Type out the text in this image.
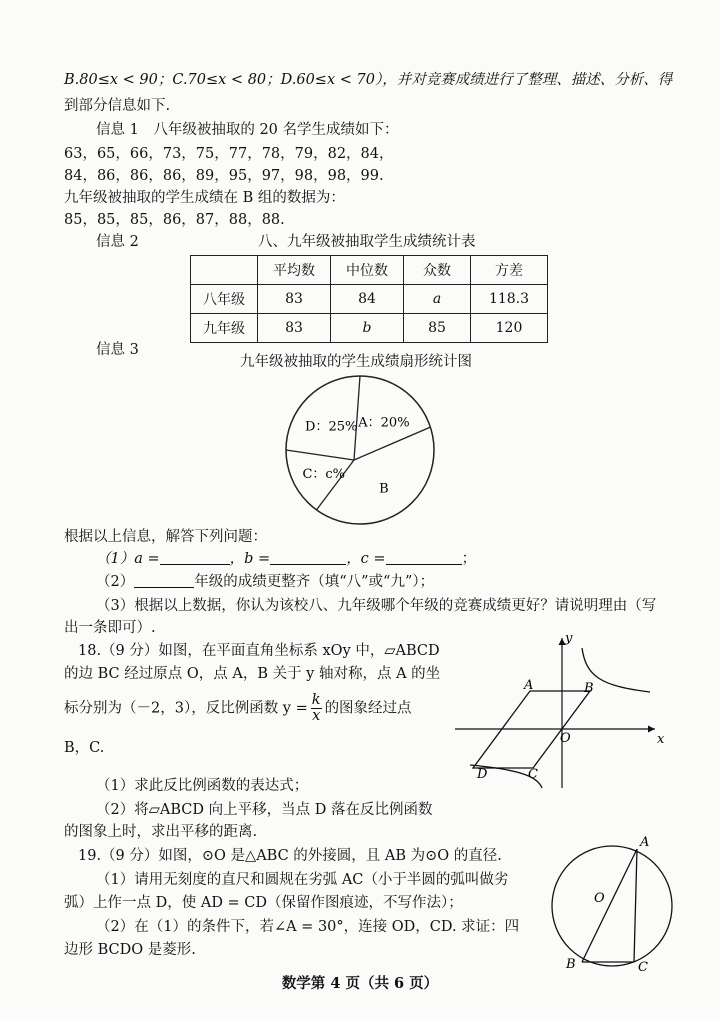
B.80≤x < 90；C.70≤x < 80；D.60≤x < 70），并对竞赛成绩进行了整理、描述、分析、得
到部分信息如下.
信息 1　八年级被抽取的 20 名学生成绩如下：
63，65，66，73，75，77，78，79，82，84，
84，86，86，86，89，95，97，98，98，99.
九年级被抽取的学生成绩在 B 组的数据为：
85，85，85，86，87，88，88.
信息 2	八、九年级被抽取学生成绩统计表
	平均数	中位数	众数	方差
八年级	83	84	a	118.3
九年级	83	b	85	120
信息 3
九年级被抽取的学生成绩扇形统计图
A：20%
B
C：c%
D：25%
根据以上信息，解答下列问题：
（1）a =	，b =	，c =	；
（2）	年级的成绩更整齐（填“八”或“九”）；
（3）根据以上数据，你认为该校八、九年级哪个年级的竞赛成绩更好？请说明理由（写
出一条即可）.
18.（9 分）如图，在平面直角坐标系 xOy 中，▱ABCD
的边 BC 经过原点 O，点 A，B 关于 y 轴对称，点 A 的坐
标分别为（－2，3），反比例函数 $y = \frac{k}{x}$ 的图象经过点
B，C.
（1）求此反比例函数的表达式；
（2）将▱ABCD 向上平移，当点 D 落在反比例函数
的图象上时，求出平移的距离.
A	B
C
D
O	x
y
19.（9 分）如图，⊙O 是△ABC 的外接圆，且 AB 为⊙O 的直径.
（1）请用无刻度的直尺和圆规在劣弧 AC（小于半圆的弧叫做劣
弧）上作一点 D，使 AD = CD（保留作图痕迹，不写作法）；
（2）在（1）的条件下，若∠A = 30°，连接 OD，CD. 求证：四
边形 BCDO 是菱形.
A
B	C
O
数学第 4 页（共 6 页）
